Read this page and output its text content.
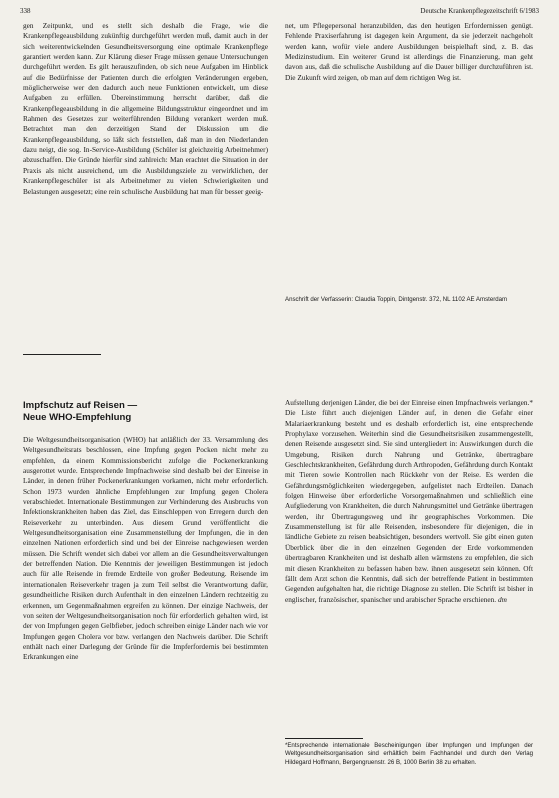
338	Deutsche Krankenpflegezeitschrift 6/1983

gen Zeitpunkt, und es stellt sich deshalb die Frage, wie die Krankenpflegeausbildung zukünftig durchgeführt werden muß, damit auch in der sich weiterentwickelnden Gesundheitsversorgung eine optimale Krankenpflege garantiert werden kann. Zur Klärung dieser Frage müssen genaue Untersuchungen durchgeführt werden. Es gilt herauszufinden, ob sich neue Aufgaben im Hinblick auf die Bedürfnisse der Patienten durch die erfolgten Veränderungen ergeben, möglicherweise wer den dadurch auch neue Funktionen entwickelt, um diese Aufgaben zu erfüllen. Übereinstimmung herrscht darüber, daß die Krankenpflegeausbildung in die allgemeine Bildungsstruktur eingeordnet und im Rahmen des Gesetzes zur weiterführenden Bildung verankert werden muß. Betrachtet man den derzeitigen Stand der Diskussion um die Krankenpflegeausbildung, so läßt sich feststellen, daß man in den Niederlanden dazu neigt, die sog. In-Service-Ausbildung (Schüler ist gleichzeitig Arbeitnehmer) abzuschaffen. Die Gründe hierfür sind zahlreich: Man erachtet die Situation in der Praxis als nicht ausreichend, um die Ausbildungsziele zu verwirklichen, der Krankenpflegeschüler ist als Arbeitnehmer zu vielen Schwierigkeiten und Belastungen ausgesetzt; eine rein schulische Ausbildung hat man für besser geeig-

net, um Pflegepersonal heranzubilden, das den heutigen Erfordernissen genügt. Fehlende Praxiserfahrung ist dagegen kein Argument, da sie jederzeit nachgeholt werden kann, wofür viele andere Ausbildungen beispielhaft sind, z. B. das Medizinstudium. Ein weiterer Grund ist allerdings die Finanzierung, man geht davon aus, daß die schulische Ausbildung auf die Dauer billiger durchzuführen ist. Die Zukunft wird zeigen, ob man auf dem richtigen Weg ist.

Anschrift der Verfasserin: Claudia Toppin, Dintgenstr. 372, NL 1102 AE Amsterdam
Impfschutz auf Reisen —
Neue WHO-Empfehlung

Die Weltgesundheitsorganisation (WHO) hat anläßlich der 33. Versammlung des Weltgesundheitsrats beschlossen, eine Impfung gegen Pocken nicht mehr zu empfehlen, da einem Kommissionsbericht zufolge die Pockenerkrankung ausgerottet wurde. Entsprechende Impfnachweise sind deshalb bei der Einreise in Länder, in denen früher Pockenerkrankungen vorkamen, nicht mehr erforderlich. Schon 1973 wurden ähnliche Empfehlungen zur Impfung gegen Cholera verabschiedet. Internationale Bestimmungen zur Verhinderung des Ausbruchs von Infektionskrankheiten haben das Ziel, das Einschleppen von Erregern durch den Reiseverkehr zu unterbinden. Aus diesem Grund veröffentlicht die Weltgesundheitsorganisation eine Zusammenstellung der Impfungen, die in den einzelnen Nationen erforderlich sind und bei der Einreise nachgewiesen werden müssen. Die Schrift wendet sich dabei vor allem an die Gesundheitsverwaltungen der betreffenden Nation. Die Kenntnis der jeweiligen Bestimmungen ist jedoch auch für alle Reisende in fremde Erdteile von großer Bedeutung. Reisende im internationalen Reiseverkehr tragen ja zum Teil selbst die Verantwortung dafür, gesundheitliche Risiken durch Aufenthalt in den einzelnen Ländern rechtzeitig zu erkennen, um Gegenmaßnahmen ergreifen zu können. Der einzige Nachweis, der von seiten der Weltgesundheitsorganisation noch für erforderlich gehalten wird, ist der von Impfungen gegen Gelbfieber, jedoch schreiben einige Länder nach wie vor Impfungen gegen Cholera vor bzw. verlangen den Nachweis darüber. Die Schrift enthält nach einer Darlegung der Gründe für die Impferfordernis bei bestimmten Erkrankungen eine

Aufstellung derjenigen Länder, die bei der Einreise einen Impfnachweis verlangen.* Die Liste führt auch diejenigen Länder auf, in denen die Gefahr einer Malariaerkrankung besteht und es deshalb erforderlich ist, eine entsprechende Prophylaxe vorzusehen. Weiterhin sind die Gesundheitsrisiken zusammengestellt, denen Reisende ausgesetzt sind. Sie sind untergliedert in: Auswirkungen durch die Umgebung, Risiken durch Nahrung und Getränke, übertragbare Geschlechtskrankheiten, Gefährdung durch Arthropoden, Gefährdung durch Kontakt mit Tieren sowie Kontrollen nach Rückkehr von der Reise. Es werden die Gefährdungsmöglichkeiten wiedergegeben, aufgelistet nach Erdteilen. Danach folgen Hinweise über erforderliche Vorsorgemaßnahmen und schließlich eine Aufgliederung von Krankheiten, die durch Nahrungsmittel und Getränke übertragen werden, ihr Übertragungsweg und ihr geographisches Vorkommen. Die Zusammenstellung ist für alle Reisenden, insbesondere für diejenigen, die in ländliche Gebiete zu reisen beabsichtigen, besonders wertvoll. Sie gibt einen guten Überblick über die in den einzelnen Gegenden der Erde vorkommenden übertragbaren Krankheiten und ist deshalb allen wärmstens zu empfehlen, die sich mit diesen Krankheiten zu befassen haben bzw. ihnen ausgesetzt sein können. Oft fällt dem Arzt schon die Kenntnis, daß sich der betreffende Patient in bestimmten Gegenden aufgehalten hat, die richtige Diagnose zu stellen. Die Schrift ist bisher in englischer, französischer, spanischer und arabischer Sprache erschienen. dm

*Entsprechende internationale Bescheinigungen über Impfungen und Impfungen der Weltgesundheitsorganisation sind erhältlich beim Fachhandel und durch den Verlag Hildegard Hoffmann, Bergengruenstr. 26 B, 1000 Berlin 38 zu erhalten.
